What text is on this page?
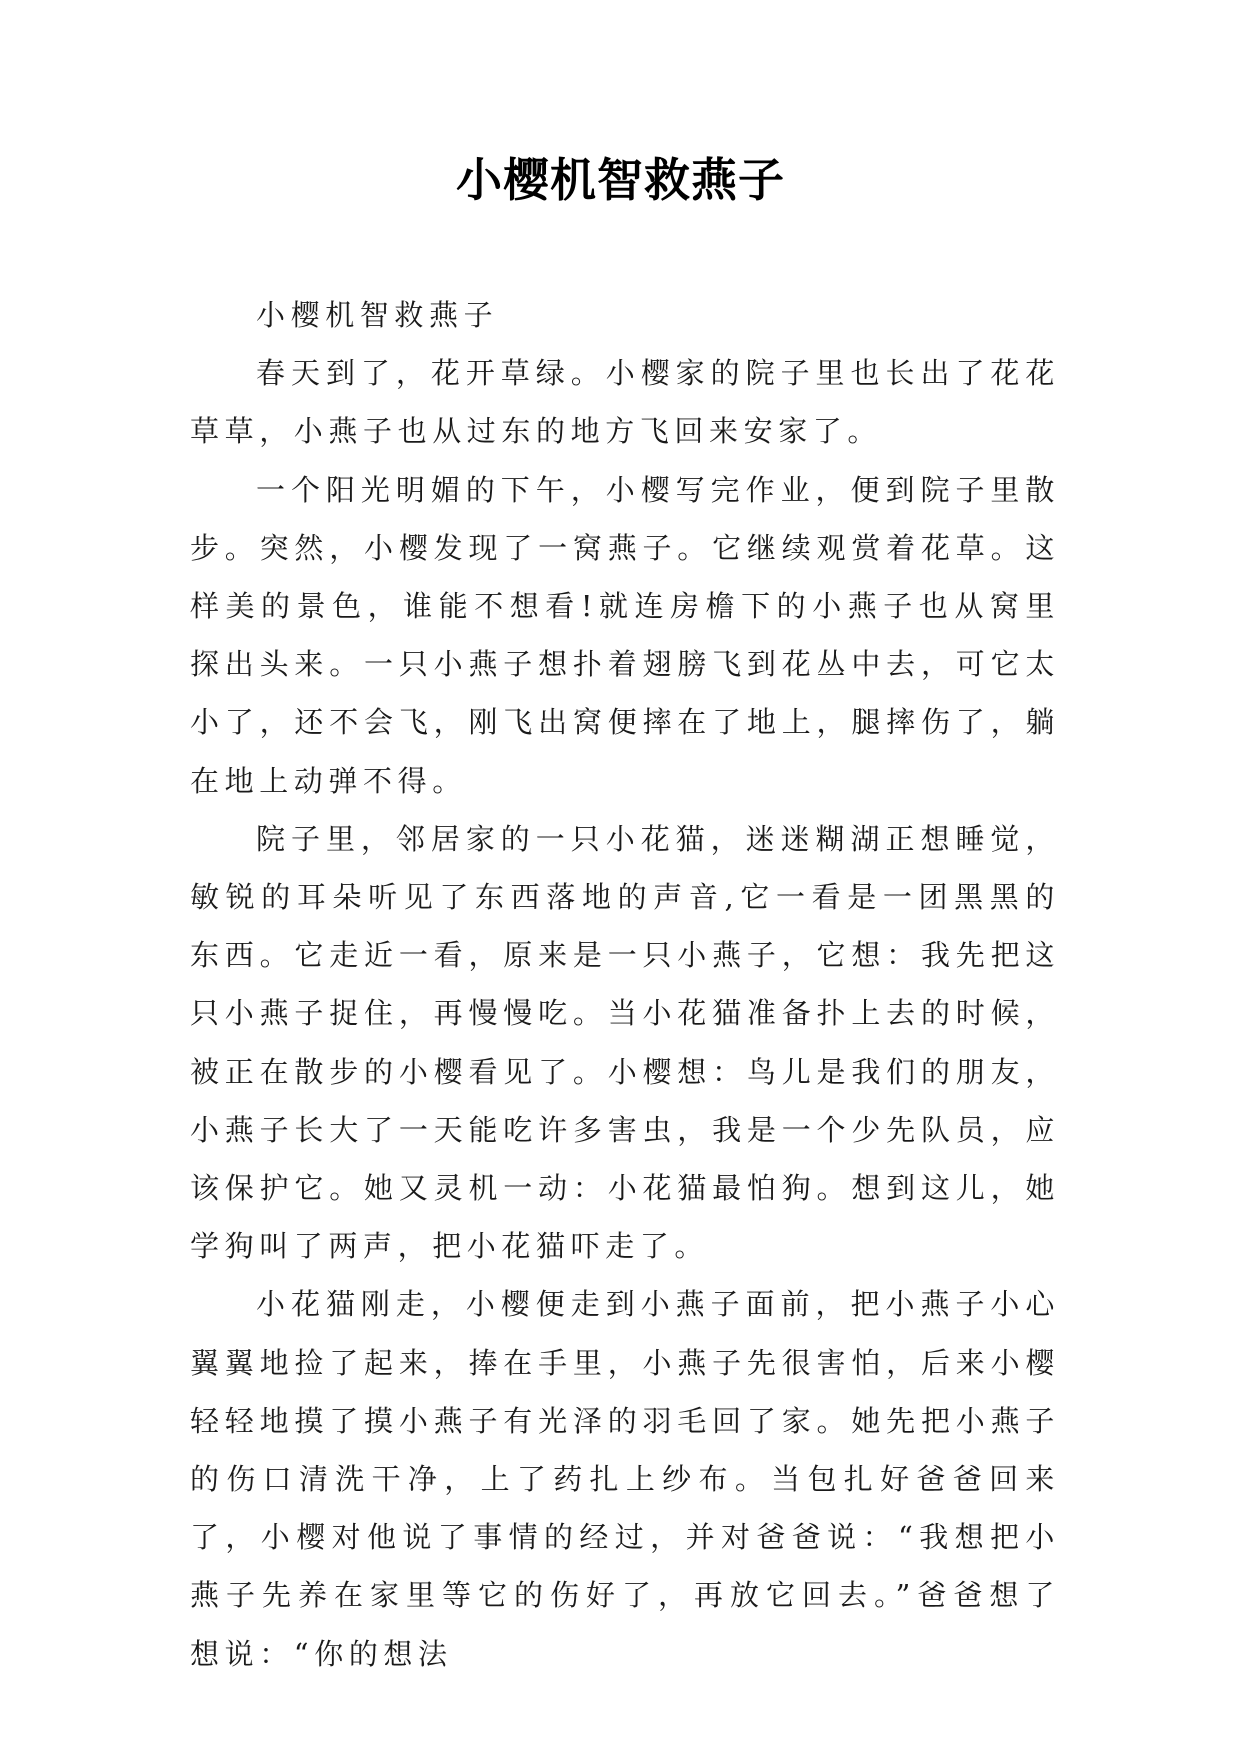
小樱机智救燕子

小樱机智救燕子

春天到了，花开草绿。小樱家的院子里也长出了花花草草，小燕子也从过东的地方飞回来安家了。

一个阳光明媚的下午，小樱写完作业，便到院子里散步。突然，小樱发现了一窝燕子。它继续观赏着花草。这样美的景色，谁能不想看!就连房檐下的小燕子也从窝里探出头来。一只小燕子想扑着翅膀飞到花丛中去，可它太小了，还不会飞，刚飞出窝便摔在了地上，腿摔伤了，躺在地上动弹不得。

院子里，邻居家的一只小花猫，迷迷糊湖正想睡觉，敏锐的耳朵听见了东西落地的声音,它一看是一团黑黑的东西。它走近一看，原来是一只小燕子，它想：我先把这只小燕子捉住，再慢慢吃。当小花猫准备扑上去的时候，被正在散步的小樱看见了。小樱想：鸟儿是我们的朋友，小燕子长大了一天能吃许多害虫，我是一个少先队员，应该保护它。她又灵机一动：小花猫最怕狗。想到这儿，她学狗叫了两声，把小花猫吓走了。

小花猫刚走，小樱便走到小燕子面前，把小燕子小心翼翼地捡了起来，捧在手里，小燕子先很害怕，后来小樱轻轻地摸了摸小燕子有光泽的羽毛回了家。她先把小燕子的伤口清洗干净，上了药扎上纱布。当包扎好爸爸回来了，小樱对他说了事情的经过，并对爸爸说：“我想把小燕子先养在家里等它的伤好了，再放它回去。”爸爸想了想说：“你的想法
